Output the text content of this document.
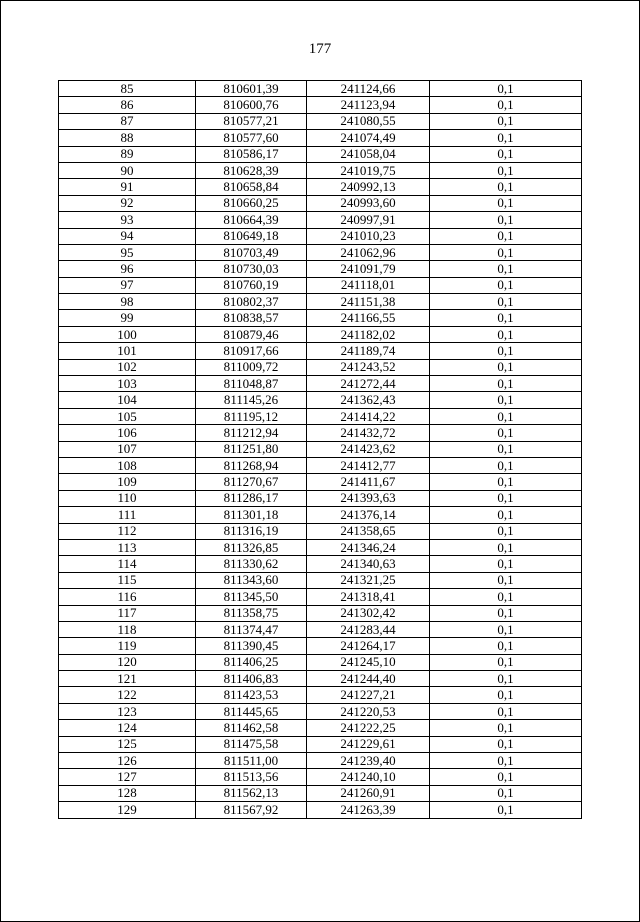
177
85	810601,39	241124,66	0,1
86	810600,76	241123,94	0,1
87	810577,21	241080,55	0,1
88	810577,60	241074,49	0,1
89	810586,17	241058,04	0,1
90	810628,39	241019,75	0,1
91	810658,84	240992,13	0,1
92	810660,25	240993,60	0,1
93	810664,39	240997,91	0,1
94	810649,18	241010,23	0,1
95	810703,49	241062,96	0,1
96	810730,03	241091,79	0,1
97	810760,19	241118,01	0,1
98	810802,37	241151,38	0,1
99	810838,57	241166,55	0,1
100	810879,46	241182,02	0,1
101	810917,66	241189,74	0,1
102	811009,72	241243,52	0,1
103	811048,87	241272,44	0,1
104	811145,26	241362,43	0,1
105	811195,12	241414,22	0,1
106	811212,94	241432,72	0,1
107	811251,80	241423,62	0,1
108	811268,94	241412,77	0,1
109	811270,67	241411,67	0,1
110	811286,17	241393,63	0,1
111	811301,18	241376,14	0,1
112	811316,19	241358,65	0,1
113	811326,85	241346,24	0,1
114	811330,62	241340,63	0,1
115	811343,60	241321,25	0,1
116	811345,50	241318,41	0,1
117	811358,75	241302,42	0,1
118	811374,47	241283,44	0,1
119	811390,45	241264,17	0,1
120	811406,25	241245,10	0,1
121	811406,83	241244,40	0,1
122	811423,53	241227,21	0,1
123	811445,65	241220,53	0,1
124	811462,58	241222,25	0,1
125	811475,58	241229,61	0,1
126	811511,00	241239,40	0,1
127	811513,56	241240,10	0,1
128	811562,13	241260,91	0,1
129	811567,92	241263,39	0,1
